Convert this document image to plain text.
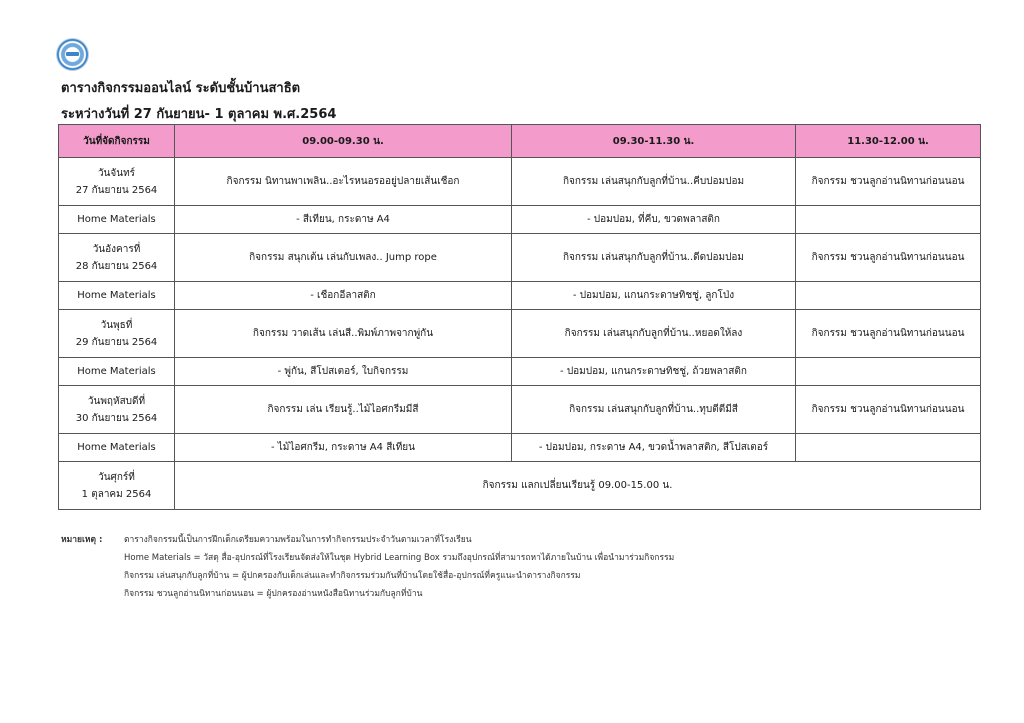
ตารางกิจกรรมออนไลน์ ระดับชั้นบ้านสาธิต
ระหว่างวันที่ 27 กันยายน- 1 ตุลาคม พ.ศ.2564
วันที่จัดกิจกรรม	09.00-09.30 น.	09.30-11.30 น.	11.30-12.00 น.

วันจันทร์
27 กันยายน 2564	กิจกรรม นิทานพาเพลิน..อะไรหนอรออยู่ปลายเส้นเชือก	กิจกรรม เล่นสนุกกับลูกที่บ้าน..คีบปอมปอม	กิจกรรม ชวนลูกอ่านนิทานก่อนนอน
Home Materials	- สีเทียน, กระดาษ A4	- ปอมปอม, ที่คีบ, ขวดพลาสติก	

วันอังคารที่
28 กันยายน 2564	กิจกรรม สนุกเต้น เล่นกับเพลง.. Jump rope	กิจกรรม เล่นสนุกกับลูกที่บ้าน..ดีดปอมปอม	กิจกรรม ชวนลูกอ่านนิทานก่อนนอน
Home Materials	- เชือกอีลาสติก	- ปอมปอม, แกนกระดาษทิชชู่, ลูกโป่ง	

วันพุธที่
29 กันยายน 2564	กิจกรรม วาดเส้น เล่นสี..พิมพ์ภาพจากพู่กัน	กิจกรรม เล่นสนุกกับลูกที่บ้าน..หยอดให้ลง	กิจกรรม ชวนลูกอ่านนิทานก่อนนอน
Home Materials	- พู่กัน, สีโปสเตอร์, ใบกิจกรรม	- ปอมปอม, แกนกระดาษทิชชู่, ถ้วยพลาสติก	

วันพฤหัสบดีที่
30 กันยายน 2564	กิจกรรม เล่น เรียนรู้..ไม้ไอศกรีมมีสี	กิจกรรม เล่นสนุกกับลูกที่บ้าน..ทุบตีตีมีสี	กิจกรรม ชวนลูกอ่านนิทานก่อนนอน
Home Materials	- ไม้ไอศกรีม, กระดาษ A4 สีเทียน	- ปอมปอม, กระดาษ A4, ขวดน้ำพลาสติก, สีโปสเตอร์	

วันศุกร์ที่
1 ตุลาคม 2564	กิจกรรม แลกเปลี่ยนเรียนรู้ 09.00-15.00 น.		
หมายเหตุ :	ตารางกิจกรรมนี้เป็นการฝึกเด็กเตรียมความพร้อมในการทำกิจกรรมประจำวันตามเวลาที่โรงเรียน
Home Materials = วัสดุ สื่อ-อุปกรณ์ที่โรงเรียนจัดส่งให้ในชุด Hybrid Learning Box รวมถึงอุปกรณ์ที่สามารถหาได้ภายในบ้าน เพื่อนำมาร่วมกิจกรรม
กิจกรรม เล่นสนุกกับลูกที่บ้าน = ผู้ปกครองกับเด็กเล่นและทำกิจกรรมร่วมกันที่บ้านโดยใช้สื่อ-อุปกรณ์ที่ครูแนะนำตารางกิจกรรม
กิจกรรม ชวนลูกอ่านนิทานก่อนนอน = ผู้ปกครองอ่านหนังสือนิทานร่วมกับลูกที่บ้าน
